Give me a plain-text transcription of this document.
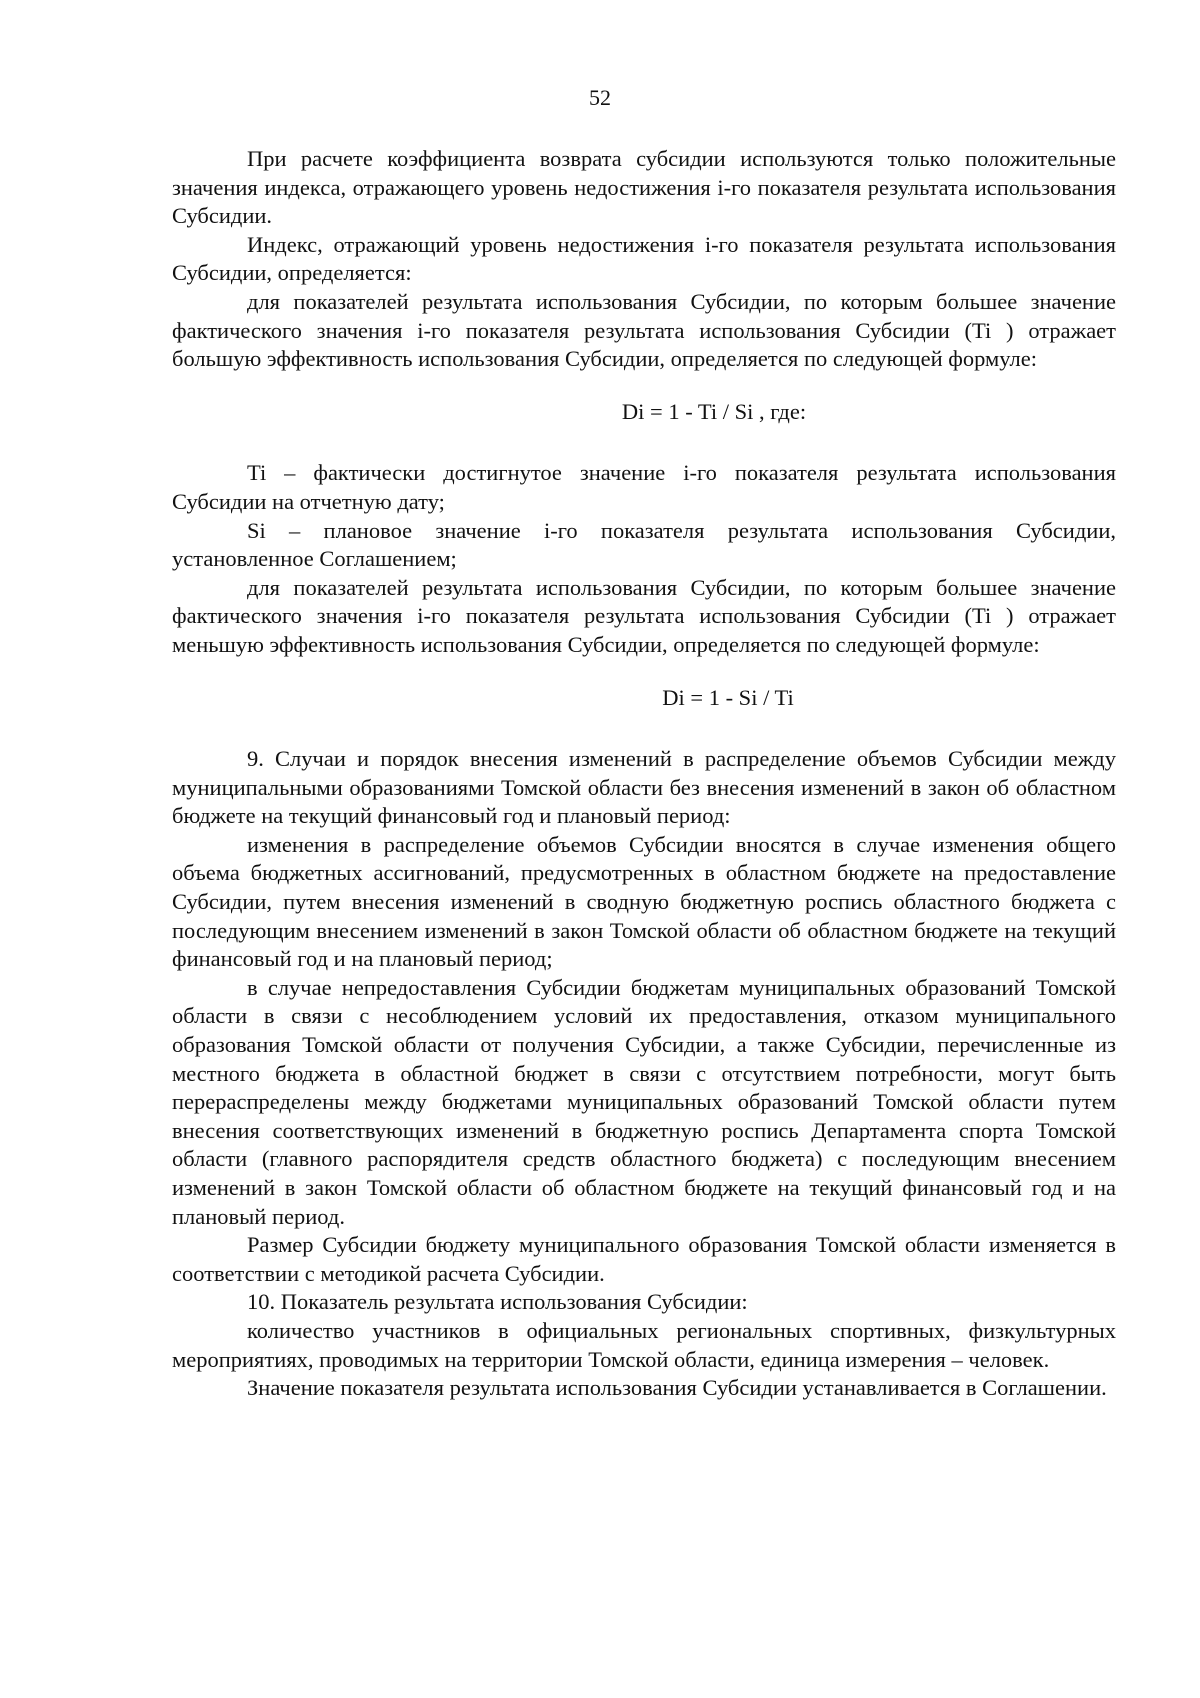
52

При расчете коэффициента возврата субсидии используются только положительные значения индекса, отражающего уровень недостижения i-го показателя результата использования Субсидии.

Индекс, отражающий уровень недостижения i-го показателя результата использования Субсидии, определяется:

для показателей результата использования Субсидии, по которым большее значение фактического значения i-го показателя результата использования Субсидии (Ti ) отражает большую эффективность использования Субсидии, определяется по следующей формуле:

Di = 1 - Ti / Si , где:

Ti – фактически достигнутое значение i-го показателя результата использования Субсидии на отчетную дату;

Si – плановое значение i-го показателя результата использования Субсидии, установленное Соглашением;

для показателей результата использования Субсидии, по которым большее значение фактического значения i-го показателя результата использования Субсидии (Ti ) отражает меньшую эффективность использования Субсидии, определяется по следующей формуле:

Di = 1 - Si / Ti

9. Случаи и порядок внесения изменений в распределение объемов Субсидии между муниципальными образованиями Томской области без внесения изменений в закон об областном бюджете на текущий финансовый год и плановый период:

изменения в распределение объемов Субсидии вносятся в случае изменения общего объема бюджетных ассигнований, предусмотренных в областном бюджете на предоставление Субсидии, путем внесения изменений в сводную бюджетную роспись областного бюджета с последующим внесением изменений в закон Томской области об областном бюджете на текущий финансовый год и на плановый период;

в случае непредоставления Субсидии бюджетам муниципальных образований Томской области в связи с несоблюдением условий их предоставления, отказом муниципального образования Томской области от получения Субсидии, а также Субсидии, перечисленные из местного бюджета в областной бюджет в связи с отсутствием потребности, могут быть перераспределены между бюджетами муниципальных образований Томской области путем внесения соответствующих изменений в бюджетную роспись Департамента спорта Томской области (главного распорядителя средств областного бюджета) с последующим внесением изменений в закон Томской области об областном бюджете на текущий финансовый год и на плановый период.

Размер Субсидии бюджету муниципального образования Томской области изменяется в соответствии с методикой расчета Субсидии.

10. Показатель результата использования Субсидии:

количество участников в официальных региональных спортивных, физкультурных мероприятиях, проводимых на территории Томской области, единица измерения – человек.

Значение показателя результата использования Субсидии устанавливается в Соглашении.
